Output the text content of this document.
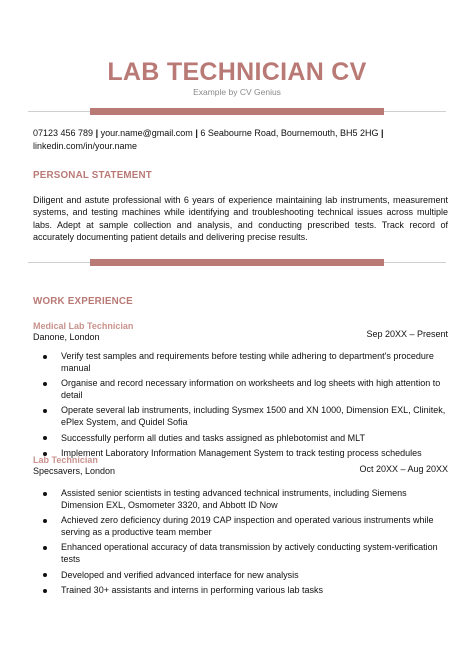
LAB TECHNICIAN CV
Example by CV Genius
07123 456 789 | your.name@gmail.com | 6 Seabourne Road, Bournemouth, BH5 2HG |
linkedin.com/in/your.name
PERSONAL STATEMENT
Diligent and astute professional with 6 years of experience maintaining lab instruments, measurement systems, and testing machines while identifying and troubleshooting technical issues across multiple labs. Adept at sample collection and analysis, and conducting prescribed tests. Track record of accurately documenting patient details and delivering precise results.
WORK EXPERIENCE
Medical Lab Technician
Danone, London	Sep 20XX – Present
Verify test samples and requirements before testing while adhering to department's procedure manual
Organise and record necessary information on worksheets and log sheets with high attention to detail
Operate several lab instruments, including Sysmex 1500 and XN 1000, Dimension EXL, Clinitek, ePlex System, and Quidel Sofia
Successfully perform all duties and tasks assigned as phlebotomist and MLT
Implement Laboratory Information Management System to track testing process schedules
Lab Technician
Specsavers, London	Oct 20XX – Aug 20XX
Assisted senior scientists in testing advanced technical instruments, including Siemens Dimension EXL, Osmometer 3320, and Abbott ID Now
Achieved zero deficiency during 2019 CAP inspection and operated various instruments while serving as a productive team member
Enhanced operational accuracy of data transmission by actively conducting system-verification tests
Developed and verified advanced interface for new analysis
Trained 30+ assistants and interns in performing various lab tasks
